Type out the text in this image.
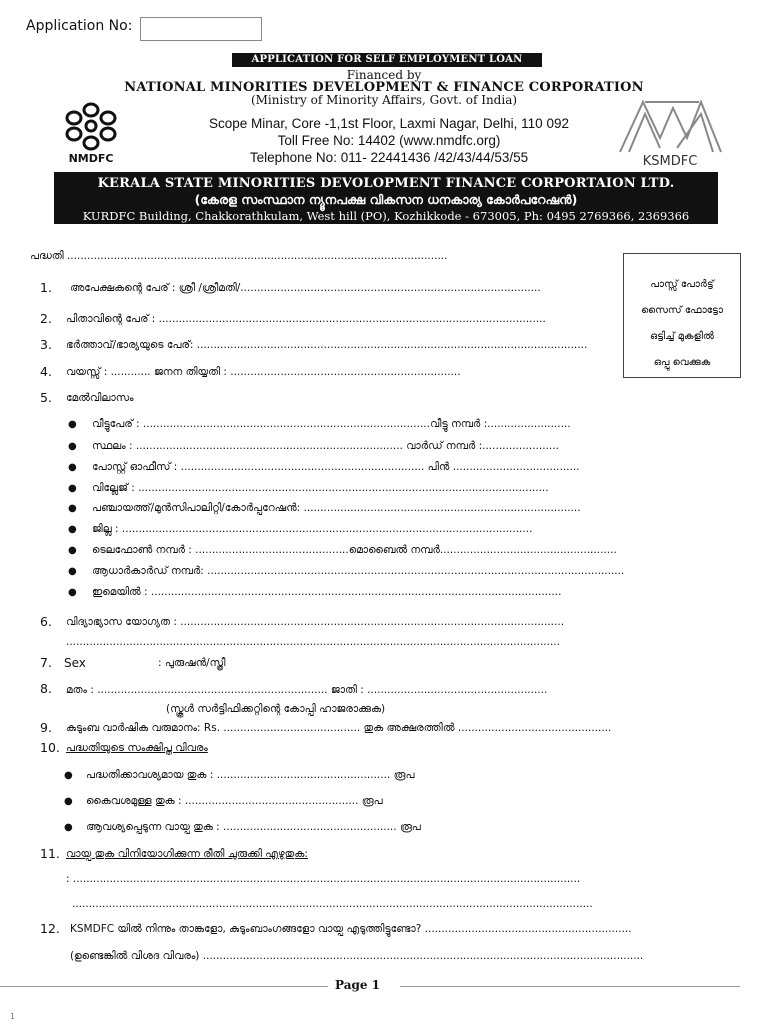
Application No:
APPLICATION FOR SELF EMPLOYMENT LOAN
Financed by
NATIONAL MINORITIES DEVELOPMENT & FINANCE CORPORATION
(Ministry of Minority Affairs, Govt. of India)
Scope Minar, Core -1,1st Floor, Laxmi Nagar, Delhi, 110 092
Toll Free No: 14402 (www.nmdfc.org)
Telephone No: 011- 22441436 /42/43/44/53/55
NMDFC	KSMDFC
KERALA STATE MINORITIES DEVOLOPMENT FINANCE CORPORTAION LTD.
(കേരള സംസ്ഥാന ന്യൂനപക്ഷ വികസന ധനകാര്യ കോർപറേഷൻ)
KURDFC Building, Chakkorathkulam, West hill (PO), Kozhikkode - 673005, Ph: 0495 2769366, 2369366
പാസ്സ് പോർട്ട്
സൈസ് ഫോട്ടോ
ഒട്ടിച്ച് മുകളിൽ
ഒപ്പു വെക്കുക
പദ്ധതി ..................................................................................................................
1. അപേക്ഷകന്റെ പേര് : ശ്രീ /ശ്രീമതി/..........................................................................................
2. പിതാവിന്റെ പേര് : ....................................................................................................................
3. ഭർത്താവ്/ഭാര്യയുടെ പേര്: .....................................................................................................................
4. വയസ്സ് : ............ ജനന തിയ്യതി : .....................................................................
5. മേൽവിലാസം
● വീട്ടുപേര് : ......................................................................................വീട്ടു നമ്പർ :.........................
● സ്ഥലം : ................................................................................ വാർഡ് നമ്പർ :.......................
● പോസ്റ്റ് ഓഫീസ് : ......................................................................... പിൻ ......................................
● വില്ലേജ് : ...........................................................................................................................
● പഞ്ചായത്ത്/മുൻസിപാലിറ്റി/കോർപ്പറേഷൻ: ...................................................................................
● ജില്ല : ...........................................................................................................................
● ടെലഫോൺ നമ്പർ : ..............................................മൊബൈൽ നമ്പർ.....................................................
● ആധാർകാർഡ് നമ്പർ: .............................................................................................................................
● ഇമെയിൽ : ...........................................................................................................................
6. വിദ്യാഭ്യാസ യോഗ്യത : ...................................................................................................................
....................................................................................................................................................
7. Sex	: പുരുഷൻ/സ്ത്രീ
8. മതം : ..................................................................... ജാതി : ......................................................
(സ്കൂൾ സർട്ടിഫിക്കറ്റിന്റെ കോപ്പി ഹാജരാക്കുക)
9. കുടുംബ വാർഷിക വരുമാനം: Rs. ......................................... തുക അക്ഷരത്തിൽ ..............................................
10. പദ്ധതിയുടെ സംക്ഷിപ്ത വിവരം
● പദ്ധതിക്കാവശ്യമായ തുക : .................................................... രൂപ
● കൈവശമുള്ള തുക : .................................................... രൂപ
● ആവശ്യപ്പെടുന്ന വായ്പ തുക : .................................................... രൂപ
11. വായ്പ തുക വിനിയോഗിക്കുന്ന രീതി ചുരുക്കി എഴുതുക:
: ........................................................................................................................................................
............................................................................................................................................................
12. KSMDFC യിൽ നിന്നും താങ്കളോ, കുടുംബാംഗങ്ങളോ വായ്പ എടുത്തിട്ടുണ്ടോ? ..............................................................
(ഉണ്ടെങ്കിൽ വിശദ വിവരം) ....................................................................................................................................
Page 1
1
